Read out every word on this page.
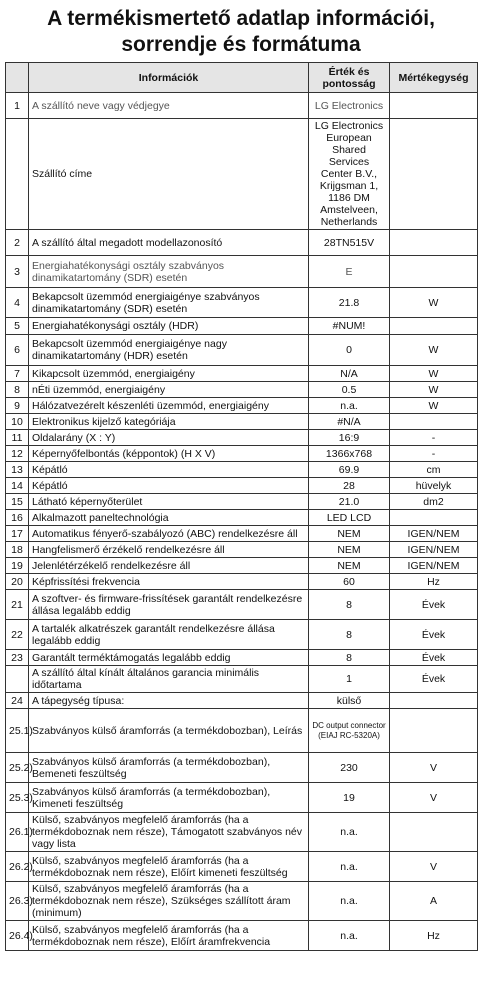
A termékismertető adatlap információi,
sorrendje és formátuma
	Információk	Érték és pontosság	Mértékegység
1	A szállító neve vagy védjegye	LG Electronics	
	Szállító címe	LG Electronics European Shared Services Center B.V., Krijgsman 1, 1186 DM Amstelveen, Netherlands	
2	A szállító által megadott modellazonosító	28TN515V	
3	Energiahatékonysági osztály szabványos dinamikatartomány (SDR) esetén	E	
4	Bekapcsolt üzemmód energiaigénye szabványos dinamikatartomány (SDR) esetén	21.8	W
5	Energiahatékonysági osztály (HDR)	#NUM!	
6	Bekapcsolt üzemmód energiaigénye nagy dinamikatartomány (HDR) esetén	0	W
7	Kikapcsolt üzemmód, energiaigény	N/A	W
8	nÉti üzemmód, energiaigény	0.5	W
9	Hálózatvezérelt készenléti üzemmód, energiaigény	n.a.	W
10	Elektronikus kijelző kategóriája	#N/A	
11	Oldalarány (X : Y)	16:9	-
12	Képernyőfelbontás (képpontok) (H X V)	1366x768	-
13	Képátló	69.9	cm
14	Képátló	28	hüvelyk
15	Látható képernyőterület	21.0	dm2
16	Alkalmazott paneltechnológia	LED LCD	
17	Automatikus fényerő-szabályozó (ABC) rendelkezésre áll	NEM	IGEN/NEM
18	Hangfelismerő érzékelő rendelkezésre áll	NEM	IGEN/NEM
19	Jelenlétérzékelő rendelkezésre áll	NEM	IGEN/NEM
20	Képfrissítési frekvencia	60	Hz
21	A szoftver- és firmware-frissítések garantált rendelkezésre állása legalább eddig	8	Évek
22	A tartalék alkatrészek garantált rendelkezésre állása legalább eddig	8	Évek
23	Garantált terméktámogatás legalább eddig	8	Évek
	A szállító által kínált általános garancia minimális időtartama	1	Évek
24	A tápegység típusa:	külső	
25.1)	Szabványos külső áramforrás (a termékdobozban), Leírás	DC output connector (EIAJ RC-5320A)	
25.2)	Szabványos külső áramforrás (a termékdobozban), Bemeneti feszültség	230	V
25.3)	Szabványos külső áramforrás (a termékdobozban), Kimeneti feszültség	19	V
26.1)	Külső, szabványos megfelelő áramforrás (ha a termékdoboznak nem része), Támogatott szabványos név vagy lista	n.a.	
26.2)	Külső, szabványos megfelelő áramforrás (ha a termékdoboznak nem része), Előírt kimeneti feszültség	n.a.	V
26.3)	Külső, szabványos megfelelő áramforrás (ha a termékdoboznak nem része), Szükséges szállított áram (minimum)	n.a.	A
26.4)	Külső, szabványos megfelelő áramforrás (ha a termékdoboznak nem része), Előírt áramfrekvencia	n.a.	Hz
